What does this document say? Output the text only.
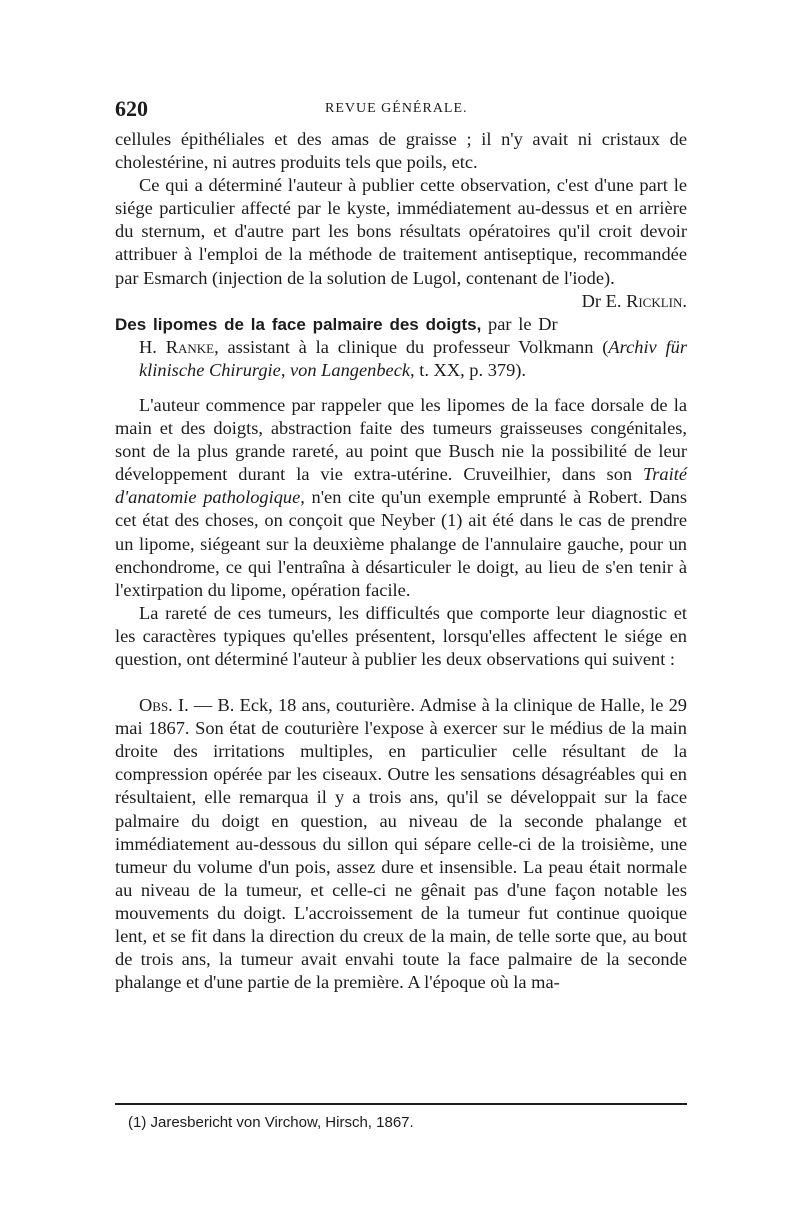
620	REVUE GÉNÉRALE.

cellules épithéliales et des amas de graisse ; il n'y avait ni cristaux de cholestérine, ni autres produits tels que poils, etc.

Ce qui a déterminé l'auteur à publier cette observation, c'est d'une part le siége particulier affecté par le kyste, immédiatement au-dessus et en arrière du sternum, et d'autre part les bons résultats opératoires qu'il croit devoir attribuer à l'emploi de la méthode de traitement antiseptique, recommandée par Esmarch (injection de la solution de Lugol, contenant de l'iode).
Dr E. Ricklin.

Des lipomes de la face palmaire des doigts, par le Dr H. Ranke, assistant à la clinique du professeur Volkmann (Archiv für klinische Chirurgie, von Langenbeck, t. XX, p. 379).

L'auteur commence par rappeler que les lipomes de la face dorsale de la main et des doigts, abstraction faite des tumeurs graisseuses congénitales, sont de la plus grande rareté, au point que Busch nie la possibilité de leur développement durant la vie extra-utérine. Cruveilhier, dans son Traité d'anatomie pathologique, n'en cite qu'un exemple emprunté à Robert. Dans cet état des choses, on conçoit que Neyber (1) ait été dans le cas de prendre un lipome, siégeant sur la deuxième phalange de l'annulaire gauche, pour un enchondrome, ce qui l'entraîna à désarticuler le doigt, au lieu de s'en tenir à l'extirpation du lipome, opération facile.

La rareté de ces tumeurs, les difficultés que comporte leur diagnostic et les caractères typiques qu'elles présentent, lorsqu'elles affectent le siége en question, ont déterminé l'auteur à publier les deux observations qui suivent :

Obs. I. — B. Eck, 18 ans, couturière. Admise à la clinique de Halle, le 29 mai 1867. Son état de couturière l'expose à exercer sur le médius de la main droite des irritations multiples, en particulier celle résultant de la compression opérée par les ciseaux. Outre les sensations désagréables qui en résultaient, elle remarqua il y a trois ans, qu'il se développait sur la face palmaire du doigt en question, au niveau de la seconde phalange et immédiatement au-dessous du sillon qui sépare celle-ci de la troisième, une tumeur du volume d'un pois, assez dure et insensible. La peau était normale au niveau de la tumeur, et celle-ci ne gênait pas d'une façon notable les mouvements du doigt. L'accroissement de la tumeur fut continue quoique lent, et se fit dans la direction du creux de la main, de telle sorte que, au bout de trois ans, la tumeur avait envahi toute la face palmaire de la seconde phalange et d'une partie de la première. A l'époque où la ma-

(1) Jaresbericht von Virchow, Hirsch, 1867.
